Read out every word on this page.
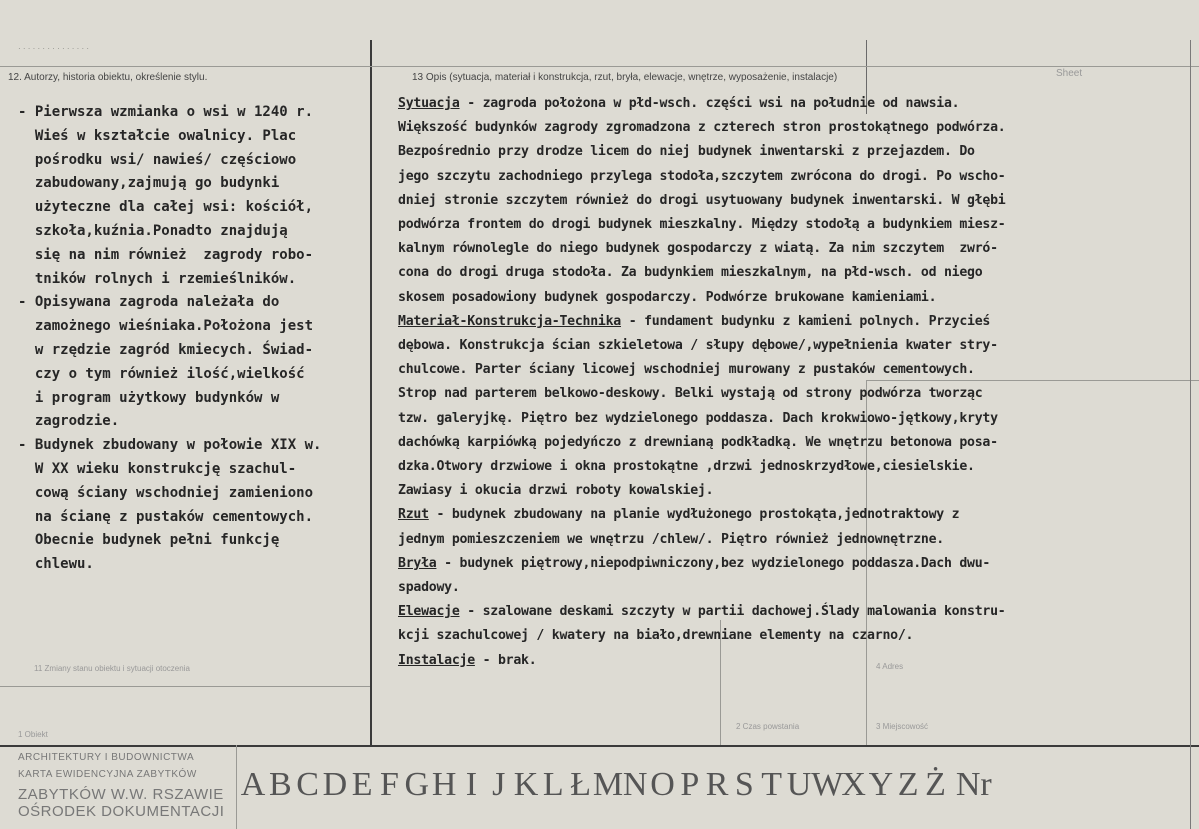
· · · · · · · · · · · · · · ·
12. Autorzy, historia obiektu, określenie stylu.	13 Opis (sytuacja, materiał i konstrukcja, rzut, bryła, elewacje, wnętrze, wyposażenie, instalacje)	Sheet
11 Zmiany stanu obiektu i sytuacji otoczenia
1 Obiekt
2 Czas powstania	3 Miejscowość
4 Adres
- Pierwsza wzmianka o wsi w 1240 r.
Wieś w kształcie owalnicy. Plac
pośrodku wsi/ nawieś/ częściowo
zabudowany,zajmują go budynki
użyteczne dla całej wsi: kościół,
szkoła,kuźnia.Ponadto znajdują
się na nim również  zagrody robo-
tników rolnych i rzemieślników.
- Opisywana zagroda należała do
zamożnego wieśniaka.Położona jest
w rzędzie zagród kmiecych. Świad-
czy o tym również ilość,wielkość
i program użytkowy budynków w
zagrodzie.
- Budynek zbudowany w połowie XIX w.
W XX wieku konstrukcję szachul-
cową ściany wschodniej zamieniono
na ścianę z pustaków cementowych.
Obecnie budynek pełni funkcję
chlewu.
Sytuacja - zagroda położona w płd-wsch. części wsi na południe od nawsia.
Większość budynków zagrody zgromadzona z czterech stron prostokątnego podwórza.
Bezpośrednio przy drodze licem do niej budynek inwentarski z przejazdem. Do
jego szczytu zachodniego przylega stodoła,szczytem zwrócona do drogi. Po wscho-
dniej stronie szczytem również do drogi usytuowany budynek inwentarski. W głębi
podwórza frontem do drogi budynek mieszkalny. Między stodołą a budynkiem miesz-
kalnym równolegle do niego budynek gospodarczy z wiatą. Za nim szczytem  zwró-
cona do drogi druga stodoła. Za budynkiem mieszkalnym, na płd-wsch. od niego
skosem posadowiony budynek gospodarczy. Podwórze brukowane kamieniami.
Materiał-Konstrukcja-Technika - fundament budynku z kamieni polnych. Przycieś
dębowa. Konstrukcja ścian szkieletowa / słupy dębowe/,wypełnienia kwater stry-
chulcowe. Parter ściany licowej wschodniej murowany z pustaków cementowych.
Strop nad parterem belkowo-deskowy. Belki wystają od strony podwórza tworząc
tzw. galeryjkę. Piętro bez wydzielonego poddasza. Dach krokwiowo-jętkowy,kryty
dachówką karpiówką pojedyńczo z drewnianą podkładką. We wnętrzu betonowa posa-
dzka.Otwory drzwiowe i okna prostokątne ,drzwi jednoskrzydłowe,ciesielskie.
Zawiasy i okucia drzwi roboty kowalskiej.
Rzut - budynek zbudowany na planie wydłużonego prostokąta,jednotraktowy z
jednym pomieszczeniem we wnętrzu /chlew/. Piętro również jednownętrzne.
Bryła - budynek piętrowy,niepodpiwniczony,bez wydzielonego poddasza.Dach dwu-
spadowy.
Elewacje - szalowane deskami szczyty w partii dachowej.Ślady malowania konstru-
kcji szachulcowej / kwatery na biało,drewniane elementy na czarno/.
Instalacje - brak.
ARCHITEKTURY I BUDOWNICTWA
KARTA EWIDENCYJNA ZABYTKÓW
ZABYTKÓW W.W. RSZAWIE
OŚRODEK DOKUMENTACJI
A B C D E F G H I J K L Ł M N O P R S T U W
X Y Z Ż Nr
